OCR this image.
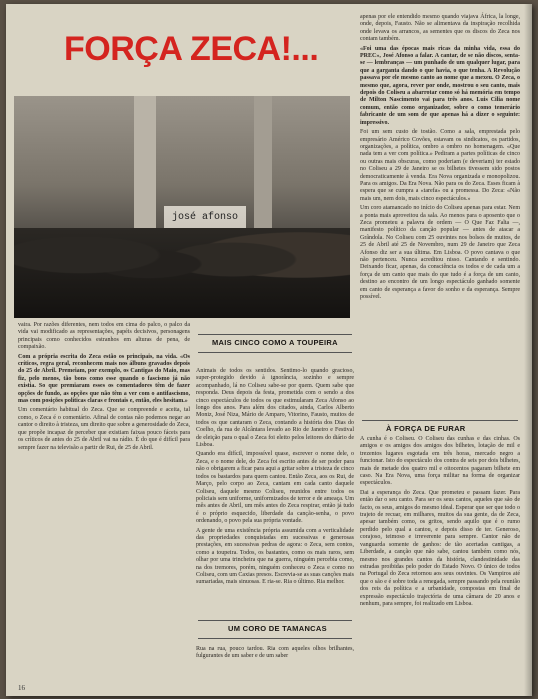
FORÇA ZECA!...
josé afonso

apenas por ele entendido mesmo quando viajava África, la longe, onde, depois, Fausto. Não se alimentava da inspiração recolhida onde levava os arrancos, as sementes que os discos do Zeca nos contam também.

«Foi uma das épocas mais ricas da minha vida, essa do PREC», José Afonso a falar. A cantar, de se não discos, senta-se — lembranças — um punhado de um qualquer lugar, para que a garganta dando o que havia, o que tenha. A Revolução passava por ele mesmo canto ao nome que a mexeu. O Zeca, o mesmo que, agora, rever por onde, mostrou o seu canto, mais depois do Coliseu a abarrotar como só há memória em tempo de Milton Nascimento vai para três anos. Luis Cilia nome comum, então como organizador, sobre o como temerário fabricante de um som de que apenas há a dizer o seguinte: impressivo.

Foi um sem custo de tostão. Como a sala, emprestada pelo empresário Américo Covões, estavam os sindicatos, os partidos, organizações, a política, ombro a ombro no homenagem. «Que nada tem a ver com política.» Pediram a partes políticas de cinco ou outras mais obscuras, como poderiam (e deveriam) ter estado no Coliseu a 29 de Janeiro se os bilhetes tivessem sido postos democraticamente à venda. Era Nova organizada e monopolizou. Para os amigos. Da Era Nova. Não para os do Zeca. Esses ficam à espera que se cumpra a «tarefa» ou a promessa. Do Zeca: «Não mais um, nem dois, mais cinco espectáculos.»

Um coro atamancado no início do Coliseu apenas para estar. Nem a ponta mais aproveitou da sala. Ao menos para o aposento que o Zeca prometeu a palavra de ordem — O Que Faz Falta —, manifesto político da canção popular — antes de atacar a Grândola. No Coliseu com 25 ouvintes nos bolsos de muitos, de 25 de Abril até 25 de Novembro, num 29 de Janeiro que Zeca Afonso diz ser a sua última. Em Lisboa. O povo cantava o que não pertenceu. Nunca acreditou nisso. Cantando e sentindo. Deixando ficar, apenas, da consciência os todos e de cada um a força de um canto que mais do que tudo é a força de um canto, destino ao encontro de um longo espectáculo ganhado somente em canto de esperança a favor do sonho e da esperança. Sempre possível.

vaira. Por razões diferentes, nem todos em cima do palco, o palco da vida vai modificado as representações, papéis decisivos, personagens principais como conhecidos estranhos em alturas de pena, de compaixão.

Com a própria escrita do Zeca estão os principais, na vida. «Os críticos, regra geral, reconhecem mais nos álbuns gravados depois do 25 de Abril. Premeiam, por exemplo, os Cantigas do Maio, mas fiz, pelo menos, tão bons como esse quando o fascismo já não existia. So que premiaram esses os comentadores têm de fazer opções de fundo, as opções que não têm a ver com o antifascismo, mas com posições políticas claras e frontais e, então, eles hesitam.»

Um comentário habitual do Zeca. Que se compreende e aceita, tal como, o Zeca é o comentário. Afinal de contas não podemos negar ao cantor o direito à tristeza, um direito que sobre a generosidade do Zeca, que propõe incapaz de perceber que existiam faixas pouco fáceis para os críticos de antes do 25 de Abril vai na rádio. É do que é difícil para sempre fazer na televisão a partir de Rui, de 25 de Abril.

MAIS CINCO COMO A TOUPEIRA

Animais de todos os sentidos. Sentimo-lo quando gracioso, super-protegido devido à ignorância, sozinho e sempre acompanhado, lá no Coliseu sabe-se por quem. Quem sabe que responda. Deus depois da festa, prometida com o sendo a dos cinco espectáculos de todos os que estimularam Zeca Afonso ao longo dos anos. Para além dos citados, ainda, Carlos Alberto Moniz, José Niza, Mário de Amparo, Vitorino, Fausto, muitos de todos os que cantaram o Zeca, contando a história dos Dias do Coelho, da rua de Alcântara levado ao Rio de Janeiro e Festival de eleição para o qual o Zeca foi eleito pelos leitores do diário de Lisboa.

Quando era difícil, impossível quase, escrever o nome dele, o Zeca, e o nome dele, do Zeca foi escrito antes de ser poder para não o obrigarem a ficar para aqui a gritar sobre a tristeza de cinco todos os bastardos para quem cantou. Então Zeca, aos os Rui, de Março, pelo corpo ao Zeca, cantam em cada canto daquele Coliseu, daquele mesmo Coliseu, reunidos entre todos os policiais sem uniforme, uniformizados de terror e de ameaça. Um mês antes de Abril, um mês antes do Zeca respirar, então já tudo é o próprio esquecido, liberdade da canção-senha, o povo ordenando, o povo pela sua própria vontade.

A gente de uma existência própria assumida com a verticalidade das propriedades conquistadas em sucessivas e generosas prestações, em sucessivas pedras de agora: o Zeca, sem contos, como a toupeira. Todos, os bastantes, como os mais raros, sem olhar por uma trincheira que na guerra, ninguém percebia como, na dos tremores, porém, ninguém conheceu o Zeca e como no Coliseu, com um Caxias presos. Escrevia-se as suas canções mais sumariadas, mais sinuosas. E ria-se. Ria o último. Ria melhor.

UM CORO DE TAMANCAS

Rua na rua, pouco tardou. Ria com aqueles olhos brilhantes, fulgurantes de um saber e de um saber

À FORÇA DE FURAR

A cunha é o Coliseu. O Coliseu das cunhas e das cinhas. Os amigos e os amigos dos amigos dos bilhetes, lotação de mil e trezentos lugares esgotada em três horas, mercado negro a funcionar. Isto do espectáculo dos contra de seis por dois bilhetes, mais de metade dos quatro mil e oitocentos pagaram bilhete em caso. Na Era Nova, uma força militar na forma de organizar espectáculos.

Dai a esperança do Zeca. Que prometeu e passam fazer. Para então dar o seu canto. Para ser os seus cantos, aqueles que são de facto, os seus, amigos do mesmo ideal. Esperar que ser que todo o trajeto de recuar, em milhares, muitos da sua gente, da de Zeca, apesar também como, os gritos, sendo aquilo que é o rumo perdido pelo qual a cantou, e depois disso de ter. Generoso, corajoso, teimoso e irreverente para sempre. Cantor não de vanguarda somente de ganhos: de tão acertadas cantigas, a Liberdade, a canção que não sabe, cantou também como nós, mesmo nos grandes cantos da história, clandestinidade das estradas proibidas pelo poder do Estado Novo. O único de todos na Portugal do Zeca retornou aos seus ouvintes. Os Vampiros até que o são e é sobre toda a renegada, sempre passando pela reunião dos reis da política e a urbanidade, compostas em final de expressão espectáculo trajectória de uma câmara de 20 anos e nenhum, para sempre, foi realizado em Lisboa.

16
